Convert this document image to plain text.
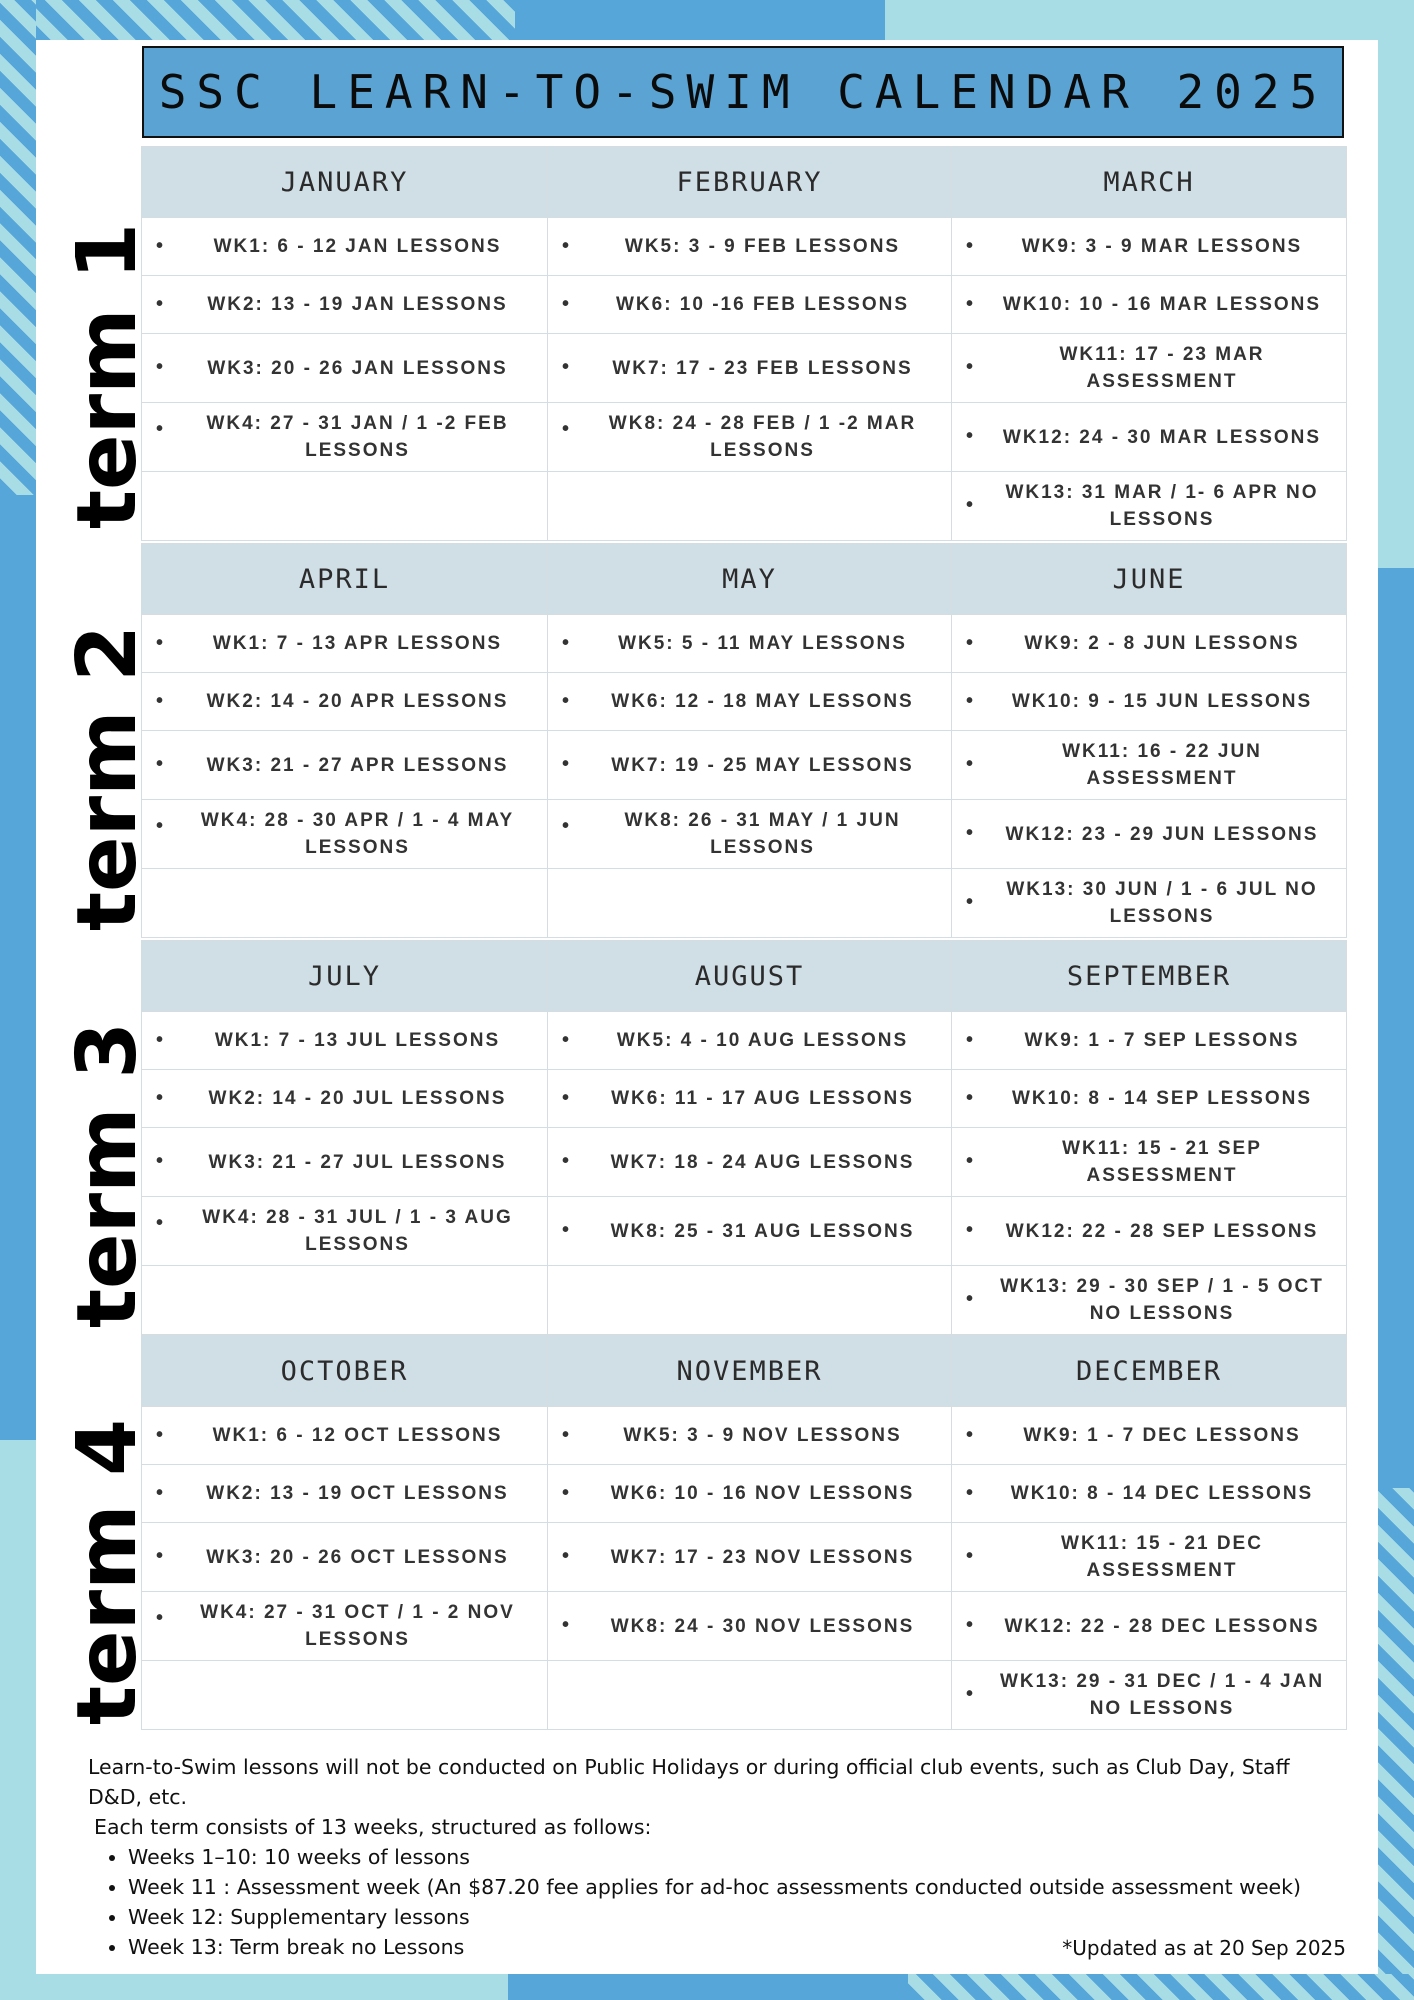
SSC LEARN-TO-SWIM CALENDAR 2025
term 1
term 2
term 3
term 4
JANUARY	FEBRUARY	MARCH

• WK1: 6 - 12 JAN LESSONS	• WK5: 3 - 9 FEB LESSONS	• WK9: 3 - 9 MAR LESSONS

• WK2: 13 - 19 JAN LESSONS	• WK6: 10 -16 FEB LESSONS	• WK10: 10 - 16 MAR LESSONS

• WK3: 20 - 26 JAN LESSONS	• WK7: 17 - 23 FEB LESSONS	•
WK11: 17 - 23 MAR ASSESSMENT

• WK4: 27 - 31 JAN / 1 -2 FEB LESSONS	• WK8: 24 - 28 FEB / 1 -2 MAR LESSONS	• WK12: 24 - 30 MAR LESSONS

		•
WK13: 31 MAR / 1- 6 APR NO LESSONS
APRIL	MAY	JUNE

• WK1: 7 - 13 APR LESSONS	• WK5: 5 - 11 MAY LESSONS	• WK9: 2 - 8 JUN LESSONS

• WK2: 14 - 20 APR LESSONS	• WK6: 12 - 18 MAY LESSONS	• WK10: 9 - 15 JUN LESSONS

• WK3: 21 - 27 APR LESSONS	• WK7: 19 - 25 MAY LESSONS	•
WK11: 16 - 22 JUN ASSESSMENT

• WK4: 28 - 30 APR / 1 - 4 MAY LESSONS	• WK8: 26 - 31 MAY / 1 JUN LESSONS	• WK12: 23 - 29 JUN LESSONS

		•
WK13: 30 JUN / 1 - 6 JUL NO LESSONS
JULY	AUGUST	SEPTEMBER

• WK1: 7 - 13 JUL LESSONS	• WK5: 4 - 10 AUG LESSONS	• WK9: 1 - 7 SEP LESSONS

• WK2: 14 - 20 JUL LESSONS	• WK6: 11 - 17 AUG LESSONS	• WK10: 8 - 14 SEP LESSONS

• WK3: 21 - 27 JUL LESSONS	• WK7: 18 - 24 AUG LESSONS	•
WK11: 15 - 21 SEP ASSESSMENT

• WK4: 28 - 31 JUL / 1 - 3 AUG LESSONS	• WK8: 25 - 31 AUG LESSONS	• WK12: 22 - 28 SEP LESSONS

		•
WK13: 29 - 30 SEP / 1 - 5 OCT NO LESSONS
OCTOBER	NOVEMBER	DECEMBER

• WK1: 6 - 12 OCT LESSONS	• WK5: 3 - 9 NOV LESSONS	• WK9: 1 - 7 DEC LESSONS

• WK2: 13 - 19 OCT LESSONS	• WK6: 10 - 16 NOV LESSONS	• WK10: 8 - 14 DEC LESSONS

• WK3: 20 - 26 OCT LESSONS	• WK7: 17 - 23 NOV LESSONS	•
WK11: 15 - 21 DEC ASSESSMENT

• WK4: 27 - 31 OCT / 1 - 2 NOV LESSONS	• WK8: 24 - 30 NOV LESSONS	• WK12: 22 - 28 DEC LESSONS

		•
WK13: 29 - 31 DEC / 1 - 4 JAN NO LESSONS
Learn-to-Swim lessons will not be conducted on Public Holidays or during official club events, such as Club Day, Staff D&D, etc.
Each term consists of 13 weeks, structured as follows:
• Weeks 1–10: 10 weeks of lessons
• Week 11 : Assessment week (An $87.20 fee applies for ad-hoc assessments conducted outside assessment week)
• Week 12: Supplementary lessons
• Week 13: Term break no Lessons	*Updated as at 20 Sep 2025
